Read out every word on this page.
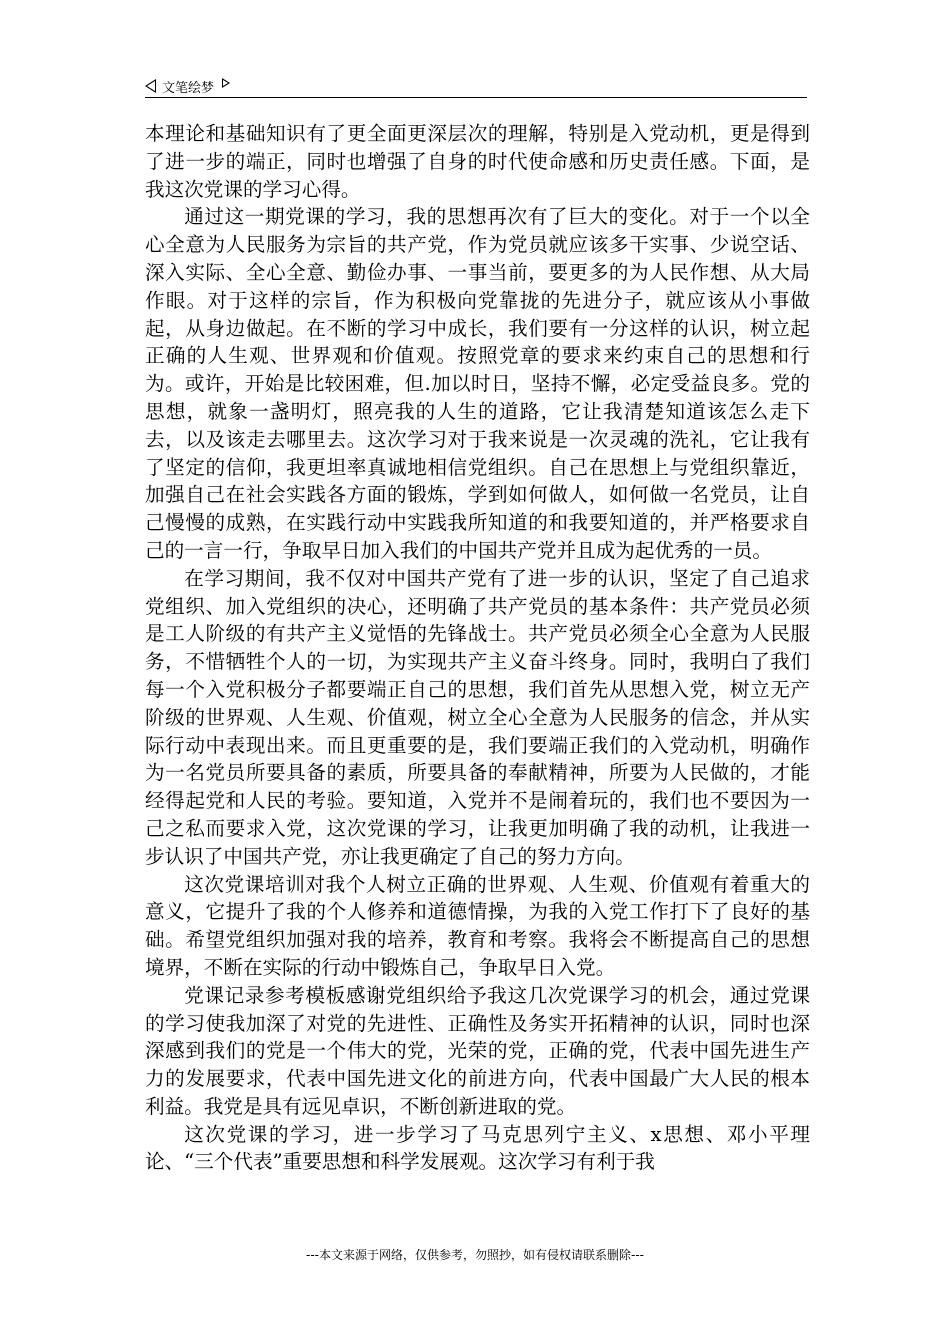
文笔绘梦

本理论和基础知识有了更全面更深层次的理解，特别是入党动机，更是得到了进一步的端正，同时也增强了自身的时代使命感和历史责任感。下面，是我这次党课的学习心得。

通过这一期党课的学习，我的思想再次有了巨大的变化。对于一个以全心全意为人民服务为宗旨的共产党，作为党员就应该多干实事、少说空话、深入实际、全心全意、勤俭办事、一事当前，要更多的为人民作想、从大局作眼。对于这样的宗旨，作为积极向党靠拢的先进分子，就应该从小事做起，从身边做起。在不断的学习中成长，我们要有一分这样的认识，树立起正确的人生观、世界观和价值观。按照党章的要求来约束自己的思想和行为。或许，开始是比较困难，但.加以时日，坚持不懈，必定受益良多。党的思想，就象一盏明灯，照亮我的人生的道路，它让我清楚知道该怎么走下去，以及该走去哪里去。这次学习对于我来说是一次灵魂的洗礼，它让我有了坚定的信仰，我更坦率真诚地相信党组织。自己在思想上与党组织靠近，加强自己在社会实践各方面的锻炼，学到如何做人，如何做一名党员，让自己慢慢的成熟，在实践行动中实践我所知道的和我要知道的，并严格要求自己的一言一行，争取早日加入我们的中国共产党并且成为起优秀的一员。

在学习期间，我不仅对中国共产党有了进一步的认识，坚定了自己追求党组织、加入党组织的决心，还明确了共产党员的基本条件：共产党员必须是工人阶级的有共产主义觉悟的先锋战士。共产党员必须全心全意为人民服务，不惜牺牲个人的一切，为实现共产主义奋斗终身。同时，我明白了我们每一个入党积极分子都要端正自己的思想，我们首先从思想入党，树立无产阶级的世界观、人生观、价值观，树立全心全意为人民服务的信念，并从实际行动中表现出来。而且更重要的是，我们要端正我们的入党动机，明确作为一名党员所要具备的素质，所要具备的奉献精神，所要为人民做的，才能经得起党和人民的考验。要知道，入党并不是闹着玩的，我们也不要因为一己之私而要求入党，这次党课的学习，让我更加明确了我的动机，让我进一步认识了中国共产党，亦让我更确定了自己的努力方向。

这次党课培训对我个人树立正确的世界观、人生观、价值观有着重大的意义，它提升了我的个人修养和道德情操，为我的入党工作打下了良好的基础。希望党组织加强对我的培养，教育和考察。我将会不断提高自己的思想境界，不断在实际的行动中锻炼自己，争取早日入党。

党课记录参考模板感谢党组织给予我这几次党课学习的机会，通过党课的学习使我加深了对党的先进性、正确性及务实开拓精神的认识，同时也深深感到我们的党是一个伟大的党，光荣的党，正确的党，代表中国先进生产力的发展要求，代表中国先进文化的前进方向，代表中国最广大人民的根本利益。我党是具有远见卓识，不断创新进取的党。

这次党课的学习，进一步学习了马克思列宁主义、x思想、邓小平理论、“三个代表”重要思想和科学发展观。这次学习有利于我

---本文来源于网络，仅供参考，勿照抄，如有侵权请联系删除---
